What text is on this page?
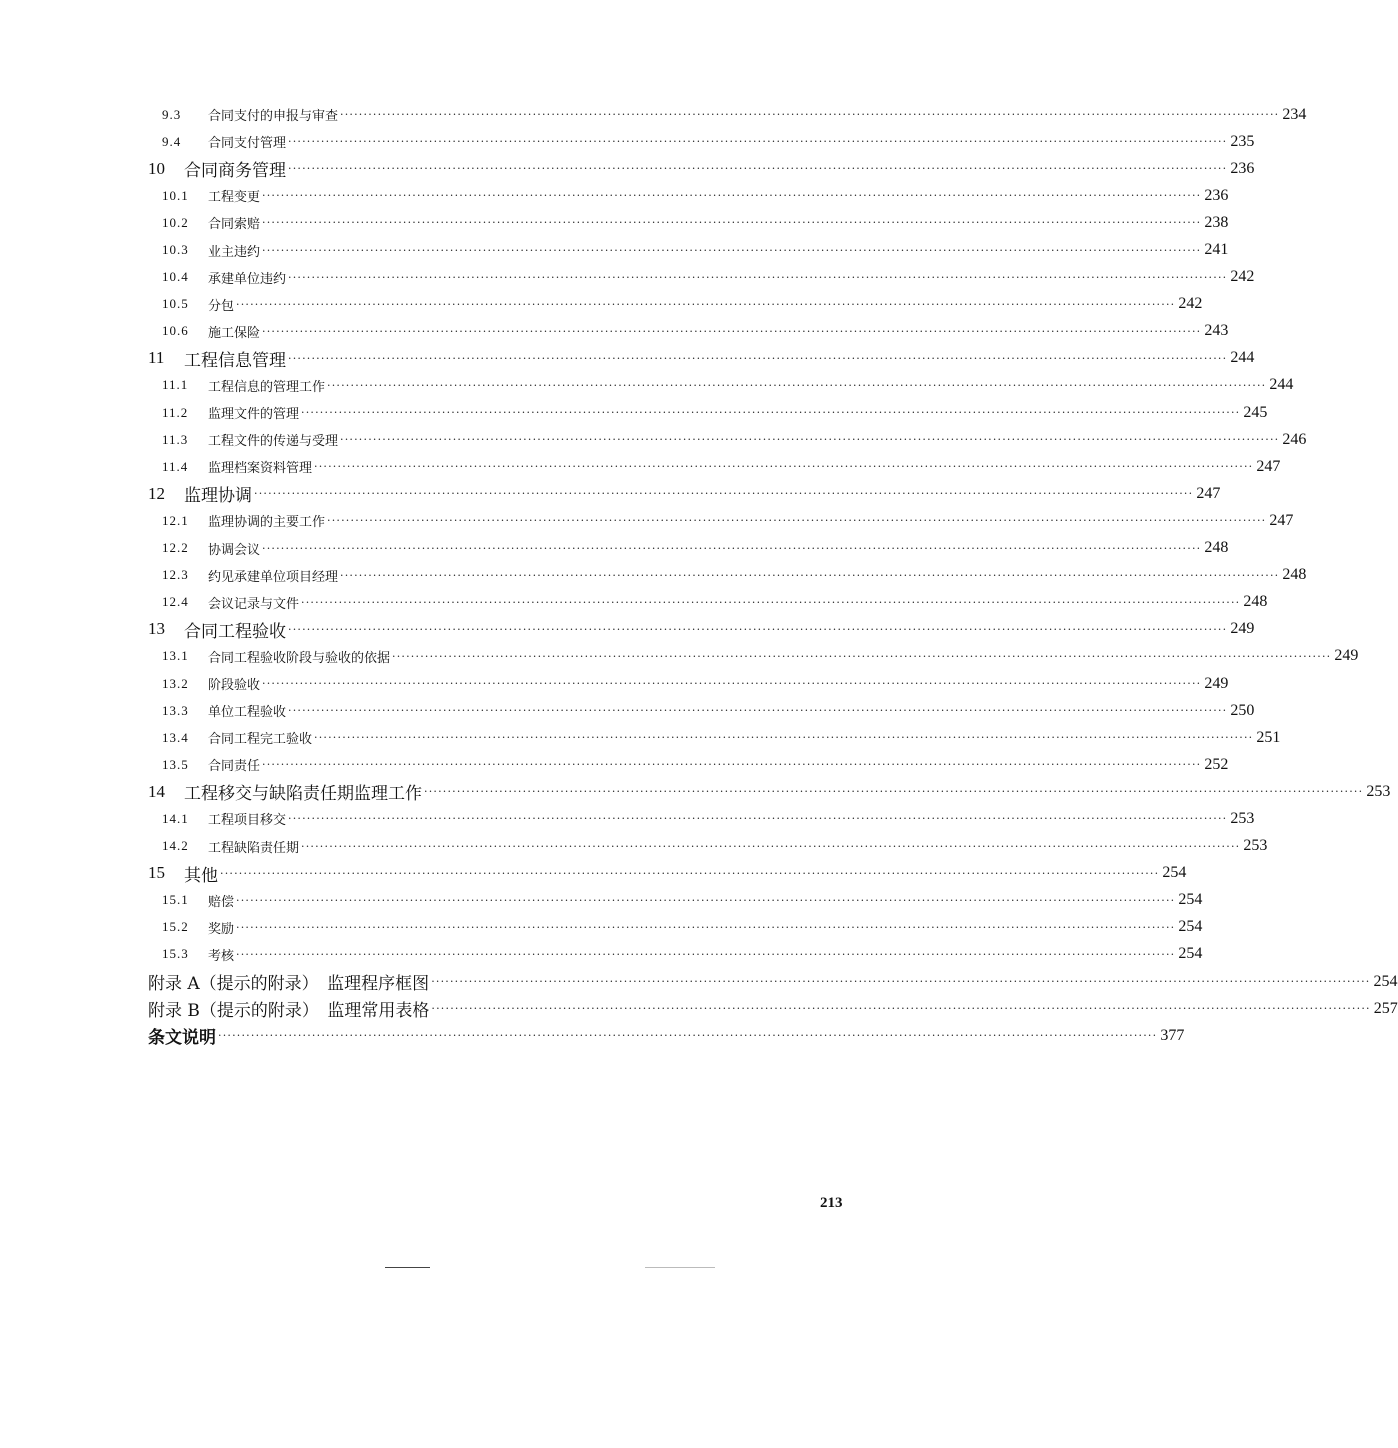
9.3	合同支付的申报与审查 ········································································································································································································ 234
9.4	合同支付管理 ········································································································································································································ 235
10	合同商务管理 ········································································································································································································ 236
10.1	工程变更 ········································································································································································································ 236
10.2	合同索赔 ········································································································································································································ 238
10.3	业主违约 ········································································································································································································ 241
10.4	承建单位违约 ········································································································································································································ 242
10.5	分包 ········································································································································································································ 242
10.6	施工保险 ········································································································································································································ 243
11	工程信息管理 ········································································································································································································ 244
11.1	工程信息的管理工作 ········································································································································································································ 244
11.2	监理文件的管理 ········································································································································································································ 245
11.3	工程文件的传递与受理 ········································································································································································································ 246
11.4	监理档案资料管理 ········································································································································································································ 247
12	监理协调 ········································································································································································································ 247
12.1	监理协调的主要工作 ········································································································································································································ 247
12.2	协调会议 ········································································································································································································ 248
12.3	约见承建单位项目经理 ········································································································································································································ 248
12.4	会议记录与文件 ········································································································································································································ 248
13	合同工程验收 ········································································································································································································ 249
13.1	合同工程验收阶段与验收的依据 ········································································································································································································ 249
13.2	阶段验收 ········································································································································································································ 249
13.3	单位工程验收 ········································································································································································································ 250
13.4	合同工程完工验收 ········································································································································································································ 251
13.5	合同责任 ········································································································································································································ 252
14	工程移交与缺陷责任期监理工作 ········································································································································································································ 253
14.1	工程项目移交 ········································································································································································································ 253
14.2	工程缺陷责任期 ········································································································································································································ 253
15	其他 ········································································································································································································ 254
15.1	赔偿 ········································································································································································································ 254
15.2	奖励 ········································································································································································································ 254
15.3	考核 ········································································································································································································ 254
附录 A（提示的附录）　监理程序框图 ········································································································································································································ 254
附录 B（提示的附录）　监理常用表格 ········································································································································································································ 257
条文说明 ········································································································································································································ 377
213
